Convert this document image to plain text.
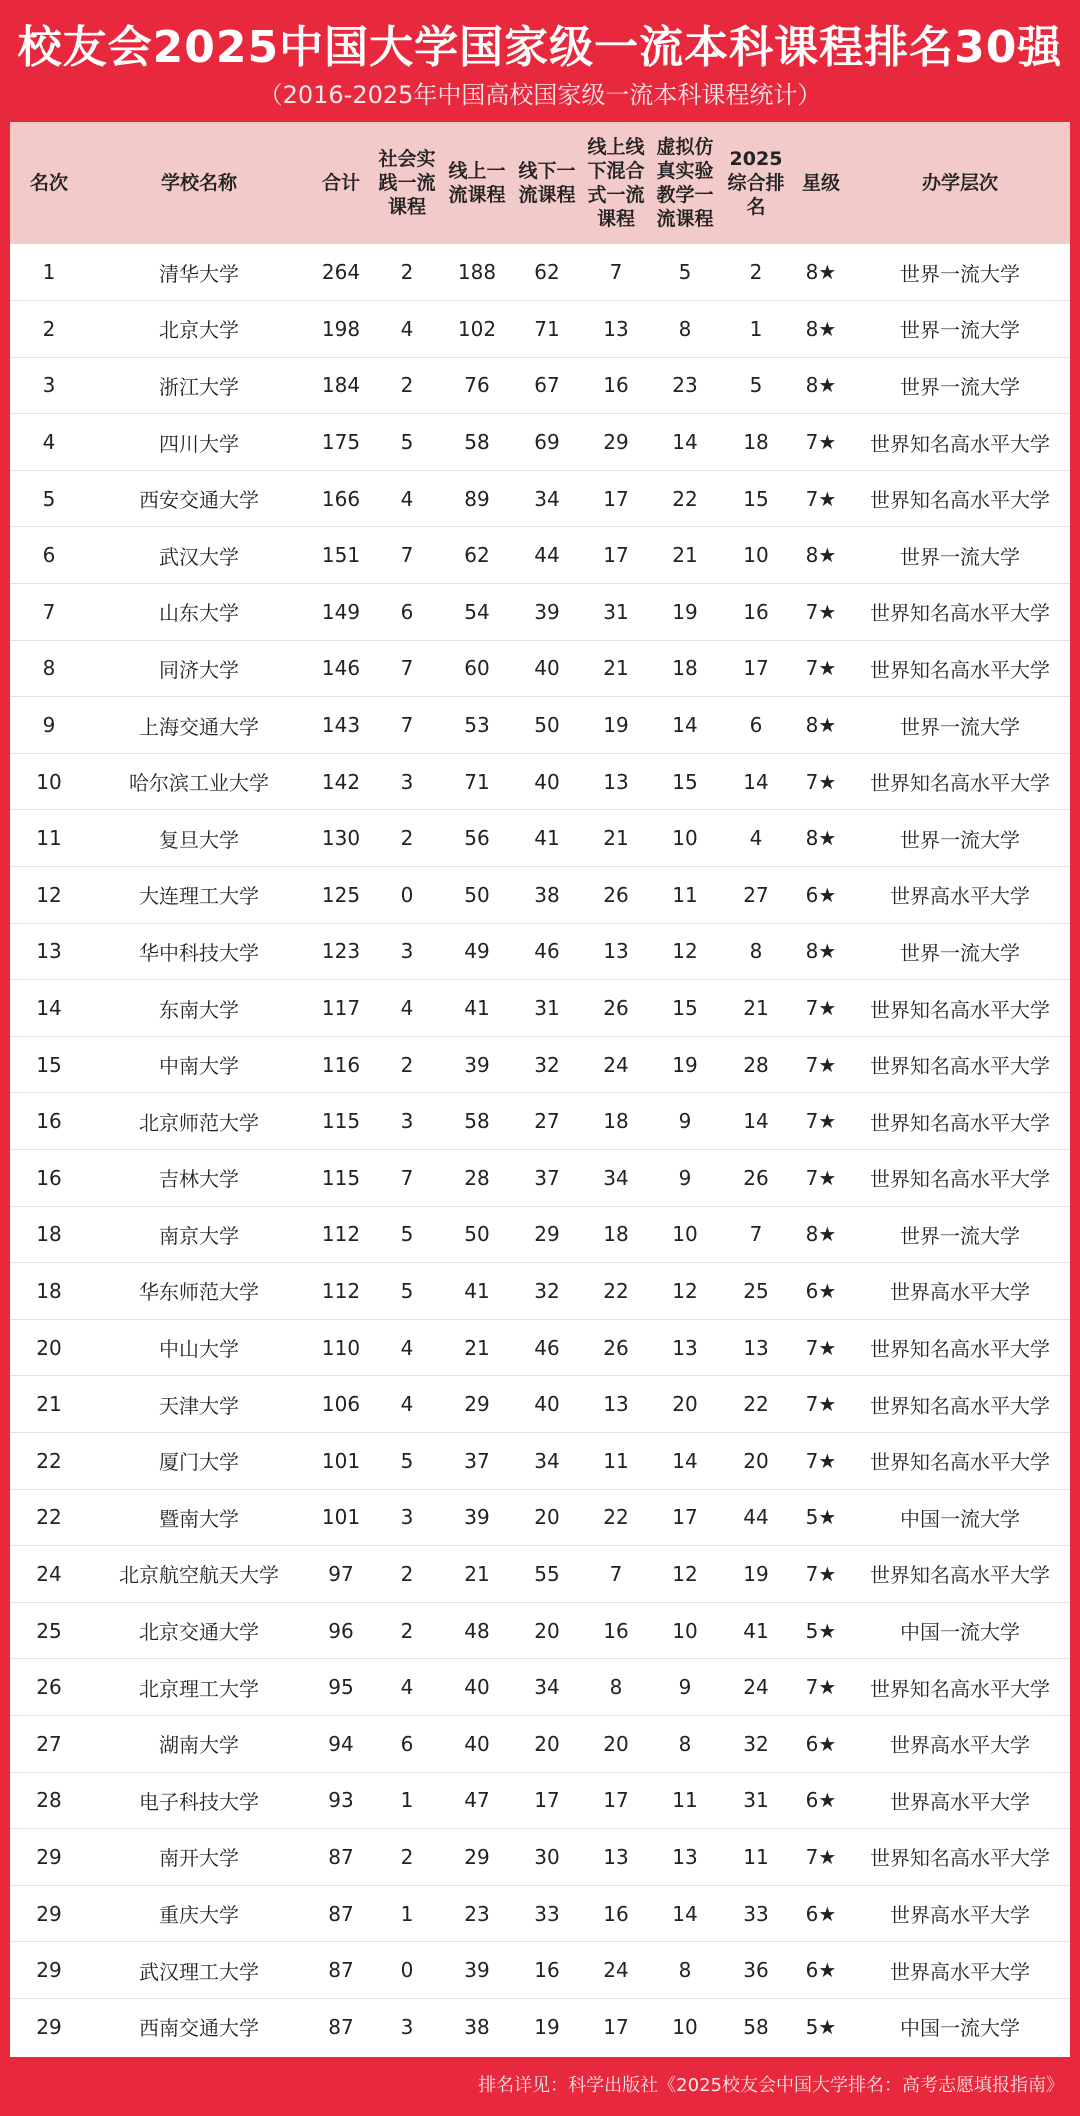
校友会2025中国大学国家级一流本科课程排名30强
（2016-2025年中国高校国家级一流本科课程统计）
名次	学校名称	合计	社会实践一流课程	线上一流课程	线下一流课程	线上线下混合式一流课程	虚拟仿真实验教学一流课程	2025综合排名	星级	办学层次
1	清华大学	264	2	188	62	7	5	2	8★	世界一流大学
2	北京大学	198	4	102	71	13	8	1	8★	世界一流大学
3	浙江大学	184	2	76	67	16	23	5	8★	世界一流大学
4	四川大学	175	5	58	69	29	14	18	7★	世界知名高水平大学
5	西安交通大学	166	4	89	34	17	22	15	7★	世界知名高水平大学
6	武汉大学	151	7	62	44	17	21	10	8★	世界一流大学
7	山东大学	149	6	54	39	31	19	16	7★	世界知名高水平大学
8	同济大学	146	7	60	40	21	18	17	7★	世界知名高水平大学
9	上海交通大学	143	7	53	50	19	14	6	8★	世界一流大学
10	哈尔滨工业大学	142	3	71	40	13	15	14	7★	世界知名高水平大学
11	复旦大学	130	2	56	41	21	10	4	8★	世界一流大学
12	大连理工大学	125	0	50	38	26	11	27	6★	世界高水平大学
13	华中科技大学	123	3	49	46	13	12	8	8★	世界一流大学
14	东南大学	117	4	41	31	26	15	21	7★	世界知名高水平大学
15	中南大学	116	2	39	32	24	19	28	7★	世界知名高水平大学
16	北京师范大学	115	3	58	27	18	9	14	7★	世界知名高水平大学
16	吉林大学	115	7	28	37	34	9	26	7★	世界知名高水平大学
18	南京大学	112	5	50	29	18	10	7	8★	世界一流大学
18	华东师范大学	112	5	41	32	22	12	25	6★	世界高水平大学
20	中山大学	110	4	21	46	26	13	13	7★	世界知名高水平大学
21	天津大学	106	4	29	40	13	20	22	7★	世界知名高水平大学
22	厦门大学	101	5	37	34	11	14	20	7★	世界知名高水平大学
22	暨南大学	101	3	39	20	22	17	44	5★	中国一流大学
24	北京航空航天大学	97	2	21	55	7	12	19	7★	世界知名高水平大学
25	北京交通大学	96	2	48	20	16	10	41	5★	中国一流大学
26	北京理工大学	95	4	40	34	8	9	24	7★	世界知名高水平大学
27	湖南大学	94	6	40	20	20	8	32	6★	世界高水平大学
28	电子科技大学	93	1	47	17	17	11	31	6★	世界高水平大学
29	南开大学	87	2	29	30	13	13	11	7★	世界知名高水平大学
29	重庆大学	87	1	23	33	16	14	33	6★	世界高水平大学
29	武汉理工大学	87	0	39	16	24	8	36	6★	世界高水平大学
29	西南交通大学	87	3	38	19	17	10	58	5★	中国一流大学
排名详见：科学出版社《2025校友会中国大学排名：高考志愿填报指南》
